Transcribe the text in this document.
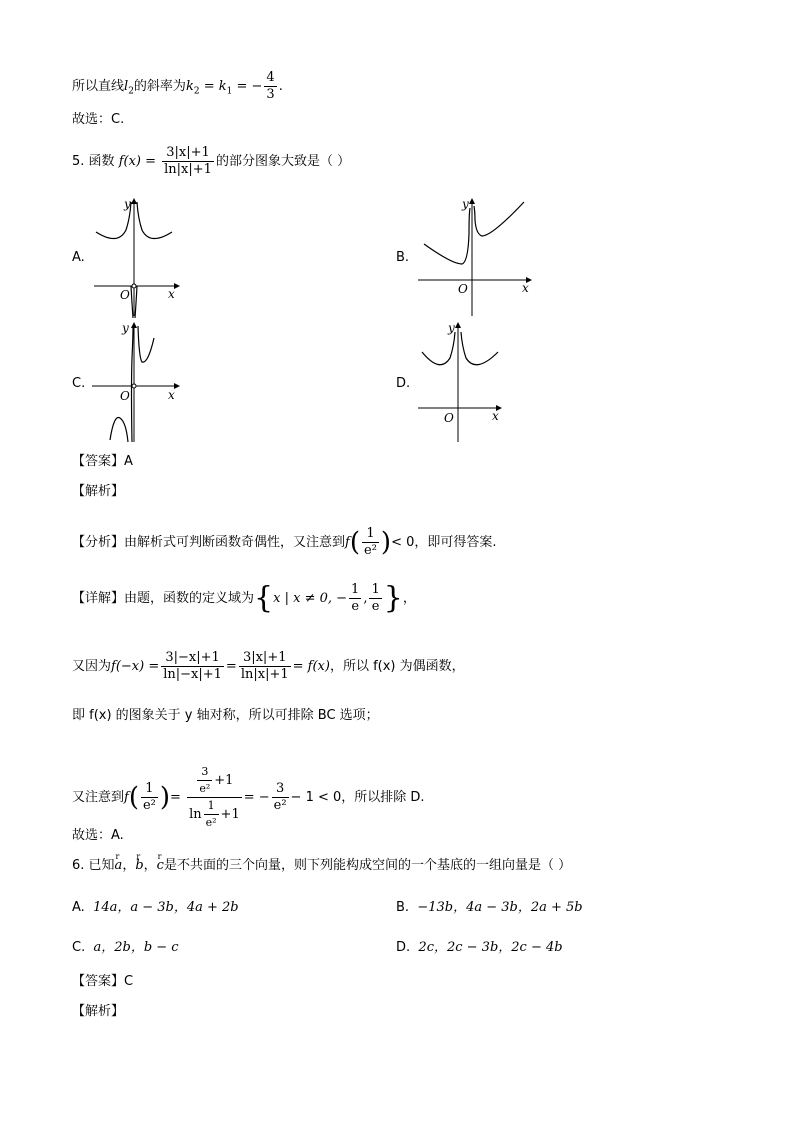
所以直线$l_2$的斜率为$k_2 = k_1$ = − $\frac{4}{3}$ .
故选：C.
5. 函数 $f(x) = \frac{3|x|+1}{\ln|x|+1}$ 的部分图象大致是（ ）
A.	B.
C.	D.
O	x
y
O	x
y
O	x
y
O	x
y
【答案】A
【解析】
【分析】由解析式可判断函数奇偶性，又注意到$f( \frac{1}{\text{e²}}$ )< 0，即可得答案.
【详解】由题，函数的定义域为{x | x ≠ 0, − $\frac{1}{e}$ , $\frac{1}{e}$ }，
又因为$f(-x) = \frac{3|-x|+1}{\ln|-x|+1} = \frac{3|x|+1}{\ln|x|+1} = f(x)$，所以 f(x) 为偶函数，
即 f(x) 的图象关于 y 轴对称，所以可排除 BC 选项；
又注意到$f( \frac{1}{\text{e²}}$ )= $\frac{\frac{3}{\text{e²}} +1}{\ln \frac{1}{\text{e²}} +1}$ = − $\frac{3}{\text{e²}} - 1 < 0$，所以排除 D.
故选：A.
6. 已知r a，r b，r c是不共面的三个向量，则下列能构成空间的一个基底的一组向量是（ ）
A. 14a，a − 3b，4a + 2b	B. −13b，4a − 3b，2a + 5b
C. a，2b，b − c	D. 2c，2c − 3b，2c − 4b
【答案】C
【解析】
